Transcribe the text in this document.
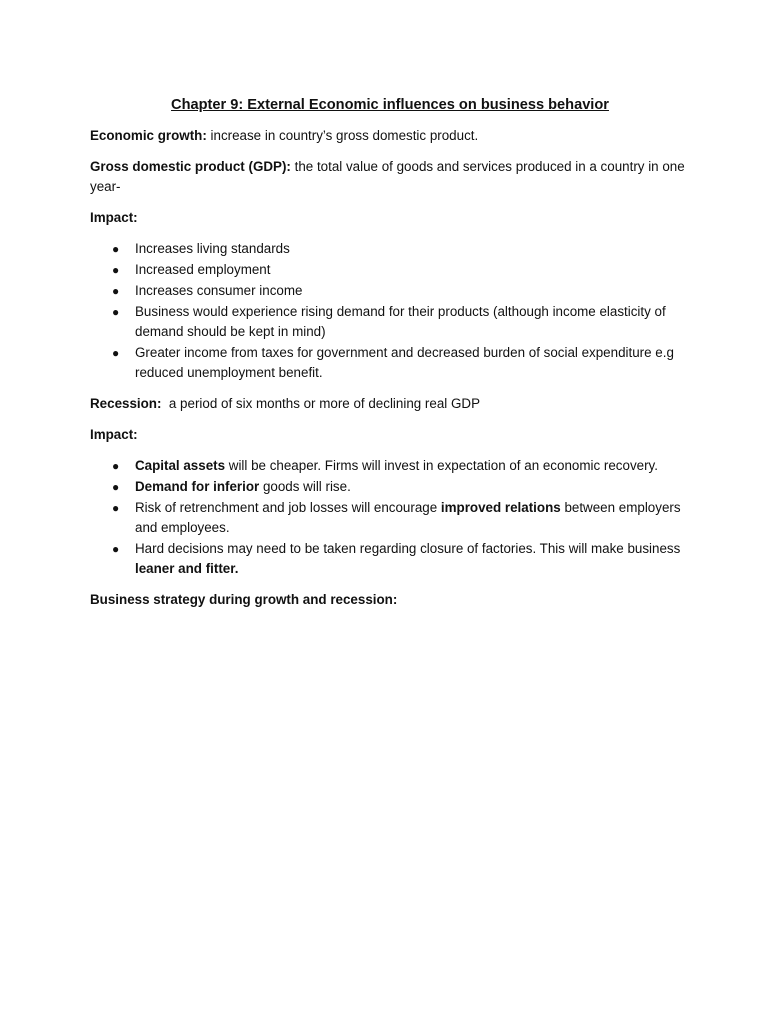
Chapter 9: External Economic influences on business behavior
Economic growth: increase in country’s gross domestic product.
Gross domestic product (GDP): the total value of goods and services produced in a country in one year-
Impact:
● Increases living standards
● Increased employment
● Increases consumer income
● Business would experience rising demand for their products (although income elasticity of demand should be kept in mind)
● Greater income from taxes for government and decreased burden of social expenditure e.g reduced unemployment benefit.
Recession:  a period of six months or more of declining real GDP
Impact:
● Capital assets will be cheaper. Firms will invest in expectation of an economic recovery.
● Demand for inferior goods will rise.
● Risk of retrenchment and job losses will encourage improved relations between employers and employees.
● Hard decisions may need to be taken regarding closure of factories. This will make business leaner and fitter.
Business strategy during growth and recession:
